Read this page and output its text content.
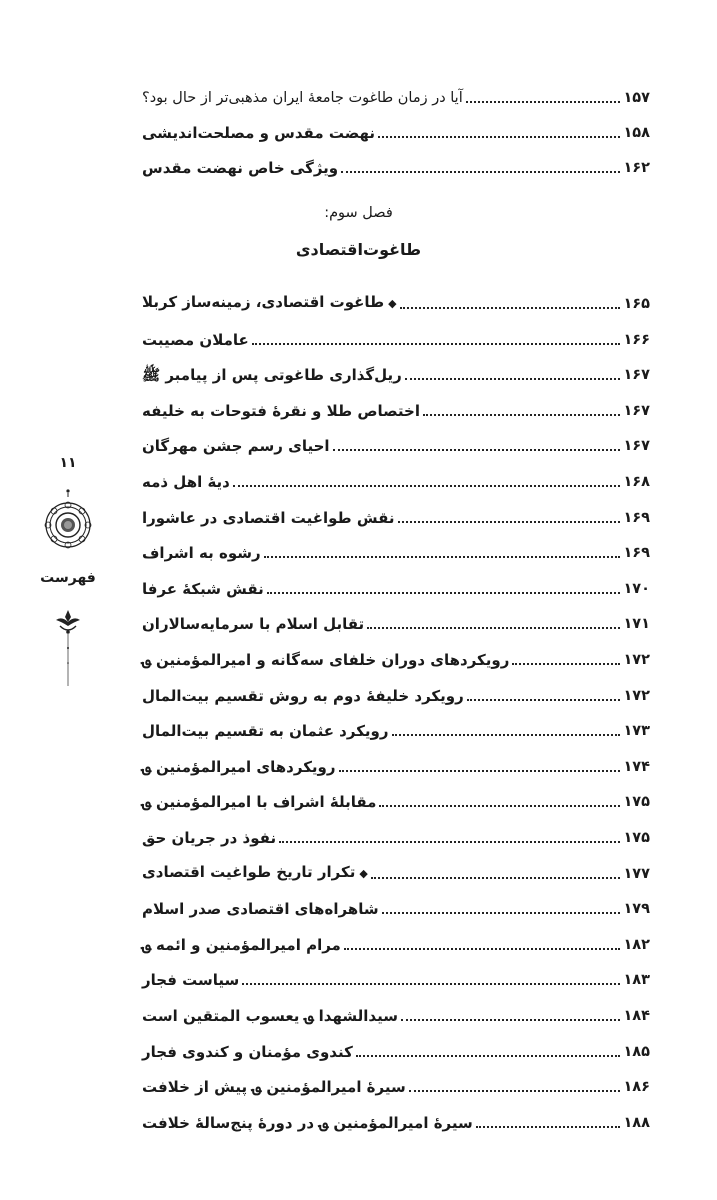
آیا در زمان طاغوت جامعهٔ ایران مذهبی‌تر از حال بود؟	۱۵۷
نهضت مقدس و مصلحت‌اندیشی	۱۵۸
ویژگی خاص نهضت مقدس	۱۶۲
فصل سوم:
طاغوت‌اقتصادی
◆طاغوت اقتصادی، زمینه‌ساز کربلا	۱۶۵
عاملان مصیبت	۱۶۶
ریل‌گذاری طاغوتی پس از پیامبر ﷺ	۱۶۷
اختصاص طلا و نقرهٔ فتوحات به خلیفه	۱۶۷
احیای رسم جشن مهرگان	۱۶۷
دیهٔ اهل ذمه	۱۶۸
نقش طواغیت اقتصادی در عاشورا	۱۶۹
رشوه به اشراف	۱۶۹
نقش شبکهٔ عرفا	۱۷۰
تقابل اسلام با سرمایه‌سالاران	۱۷۱
رویکردهای دوران خلفای سه‌گانه و امیرالمؤمنین ؈	۱۷۲
رویکرد خلیفهٔ دوم به روش تقسیم بیت‌المال	۱۷۲
رویکرد عثمان به تقسیم بیت‌المال	۱۷۳
رویکردهای امیرالمؤمنین ؈	۱۷۴
مقابلهٔ اشراف با امیرالمؤمنین ؈	۱۷۵
نفوذ در جریان حق	۱۷۵
◆تکرار تاریخ طواغیت اقتصادی	۱۷۷
شاهراه‌های اقتصادی صدر اسلام	۱۷۹
مرام امیرالمؤمنین و ائمه ؈	۱۸۲
سیاست فجار	۱۸۳
سیدالشهدا ؈ یعسوب المتقین است	۱۸۴
کندوی مؤمنان و کندوی فجار	۱۸۵
سیرهٔ امیرالمؤمنین ؈ پیش از خلافت	۱۸۶
سیرهٔ امیرالمؤمنین ؈ در دورهٔ پنج‌سالهٔ خلافت	۱۸۸
۱۱
فهرست
